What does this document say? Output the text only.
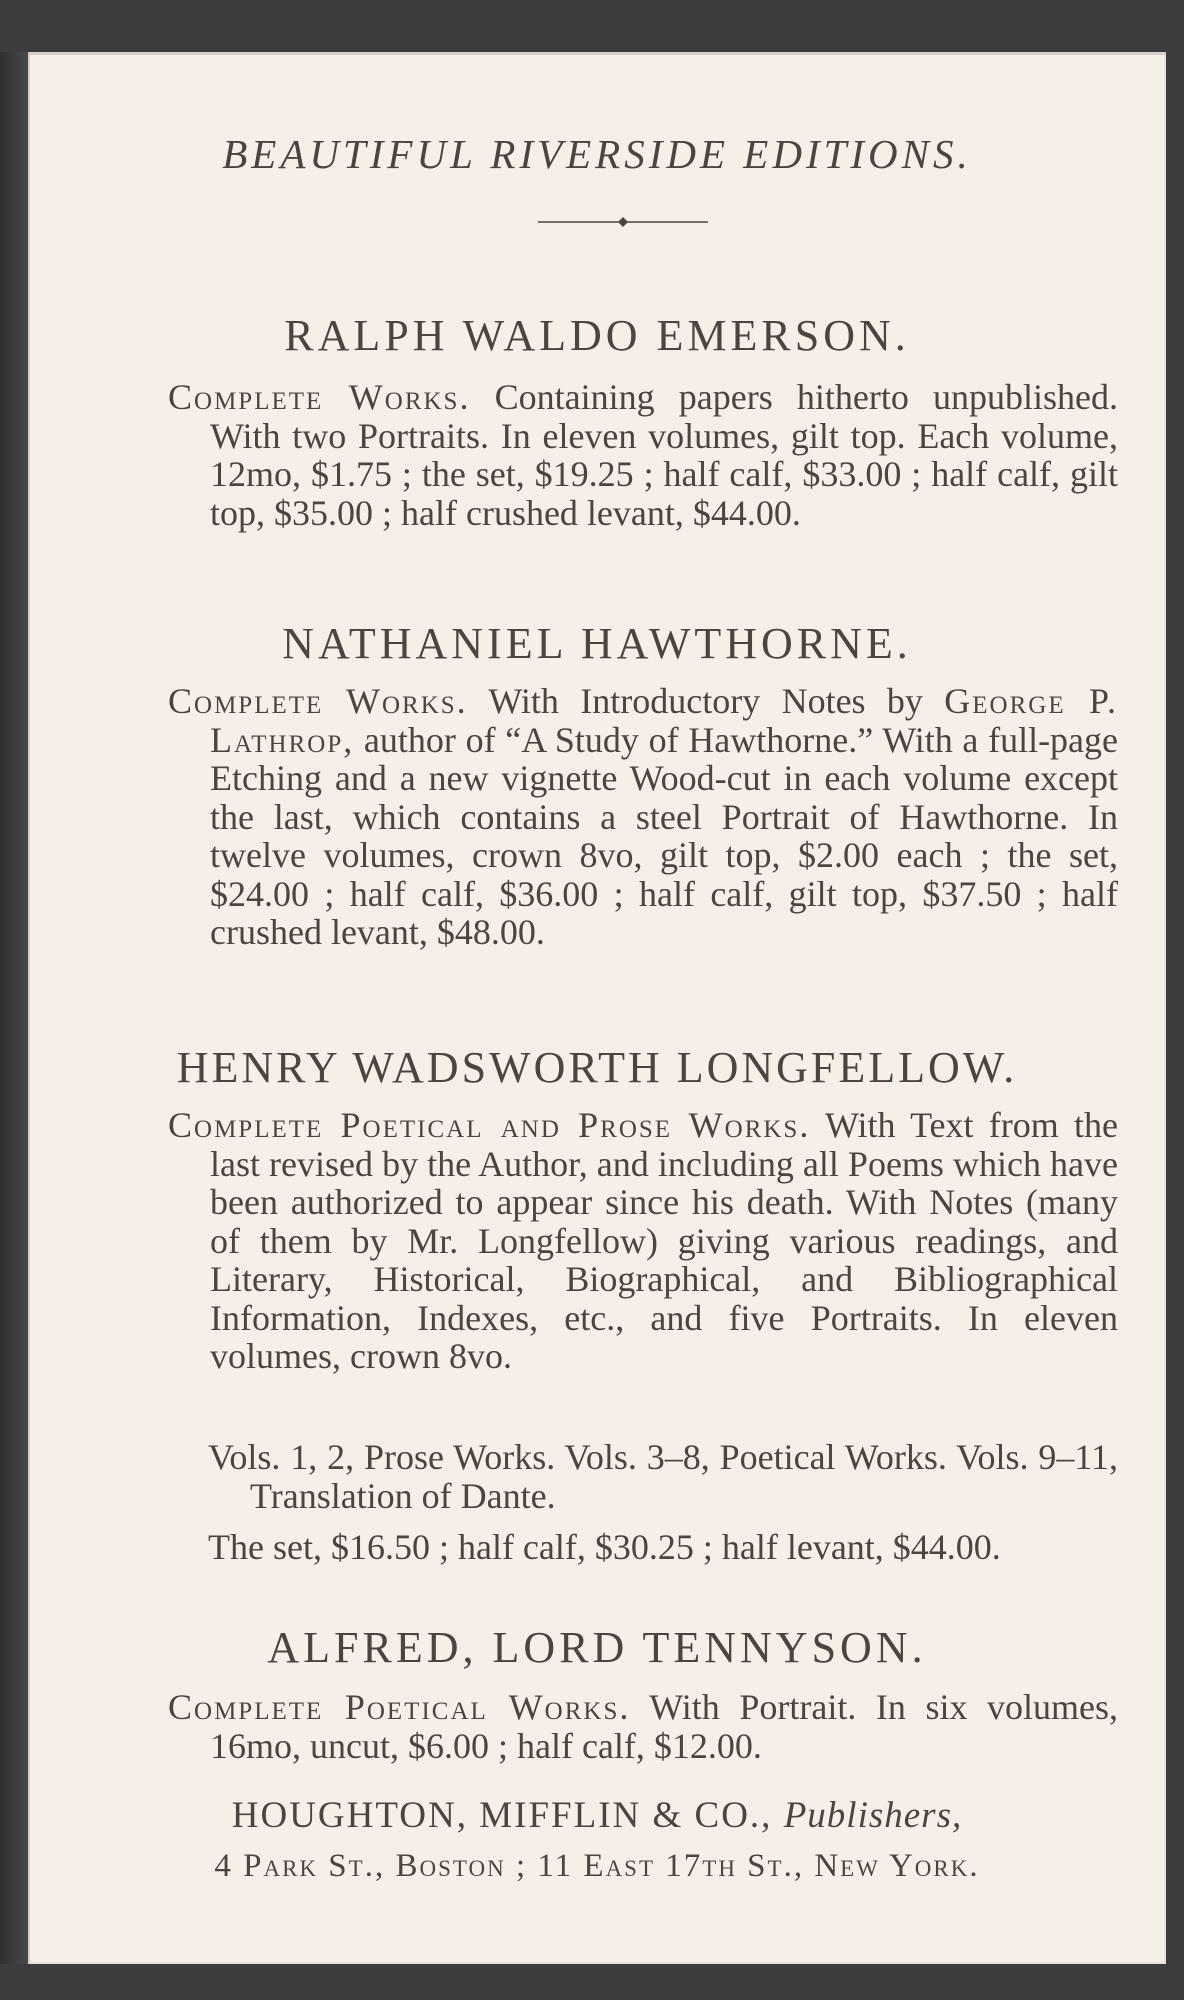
BEAUTIFUL RIVERSIDE EDITIONS.
RALPH WALDO EMERSON.
Complete Works. Containing papers hitherto unpublished. With two Portraits. In eleven volumes, gilt top. Each volume, 12mo, $1.75 ; the set, $19.25 ; half calf, $33.00 ; half calf, gilt top, $35.00 ; half crushed levant, $44.00.
NATHANIEL HAWTHORNE.
Complete Works. With Introductory Notes by George P. Lathrop, author of “A Study of Hawthorne.” With a full-page Etching and a new vignette Wood-cut in each volume except the last, which contains a steel Portrait of Hawthorne. In twelve volumes, crown 8vo, gilt top, $2.00 each ; the set, $24.00 ; half calf, $36.00 ; half calf, gilt top, $37.50 ; half crushed levant, $48.00.
HENRY WADSWORTH LONGFELLOW.
Complete Poetical and Prose Works. With Text from the last revised by the Author, and including all Poems which have been authorized to appear since his death. With Notes (many of them by Mr. Longfellow) giving various readings, and Literary, Historical, Biographical, and Bibliographical Information, Indexes, etc., and five Portraits. In eleven volumes, crown 8vo.
Vols. 1, 2, Prose Works. Vols. 3–8, Poetical Works. Vols. 9–11, Translation of Dante.
The set, $16.50 ; half calf, $30.25 ; half levant, $44.00.
ALFRED, LORD TENNYSON.
Complete Poetical Works. With Portrait. In six volumes, 16mo, uncut, $6.00 ; half calf, $12.00.
HOUGHTON, MIFFLIN & CO., Publishers,
4 Park St., Boston ; 11 East 17th St., New York.
